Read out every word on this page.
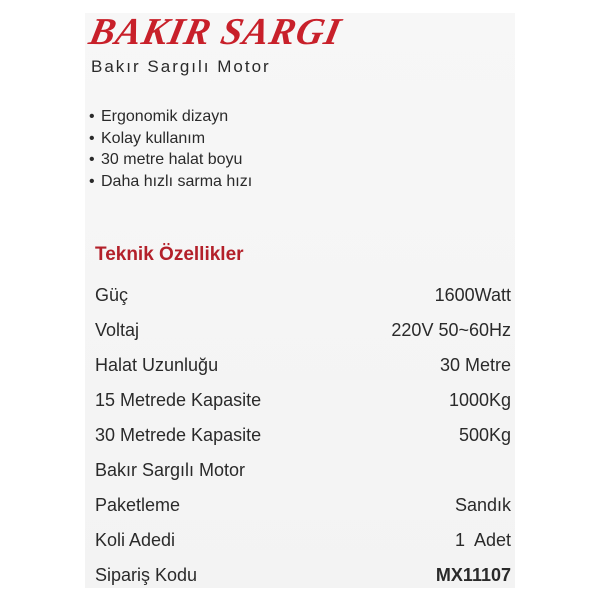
BAKIR SARGI
Bakır Sargılı Motor
• Ergonomik dizayn
• Kolay kullanım
• 30 metre halat boyu
• Daha hızlı sarma hızı
Teknik Özellikler
Güç	1600Watt
Voltaj	220V 50~60Hz
Halat Uzunluğu	30 Metre
15 Metrede Kapasite	1000Kg
30 Metrede Kapasite	500Kg
Bakır Sargılı Motor
Paketleme	Sandık
Koli Adedi	1  Adet
Sipariş Kodu	MX11107
